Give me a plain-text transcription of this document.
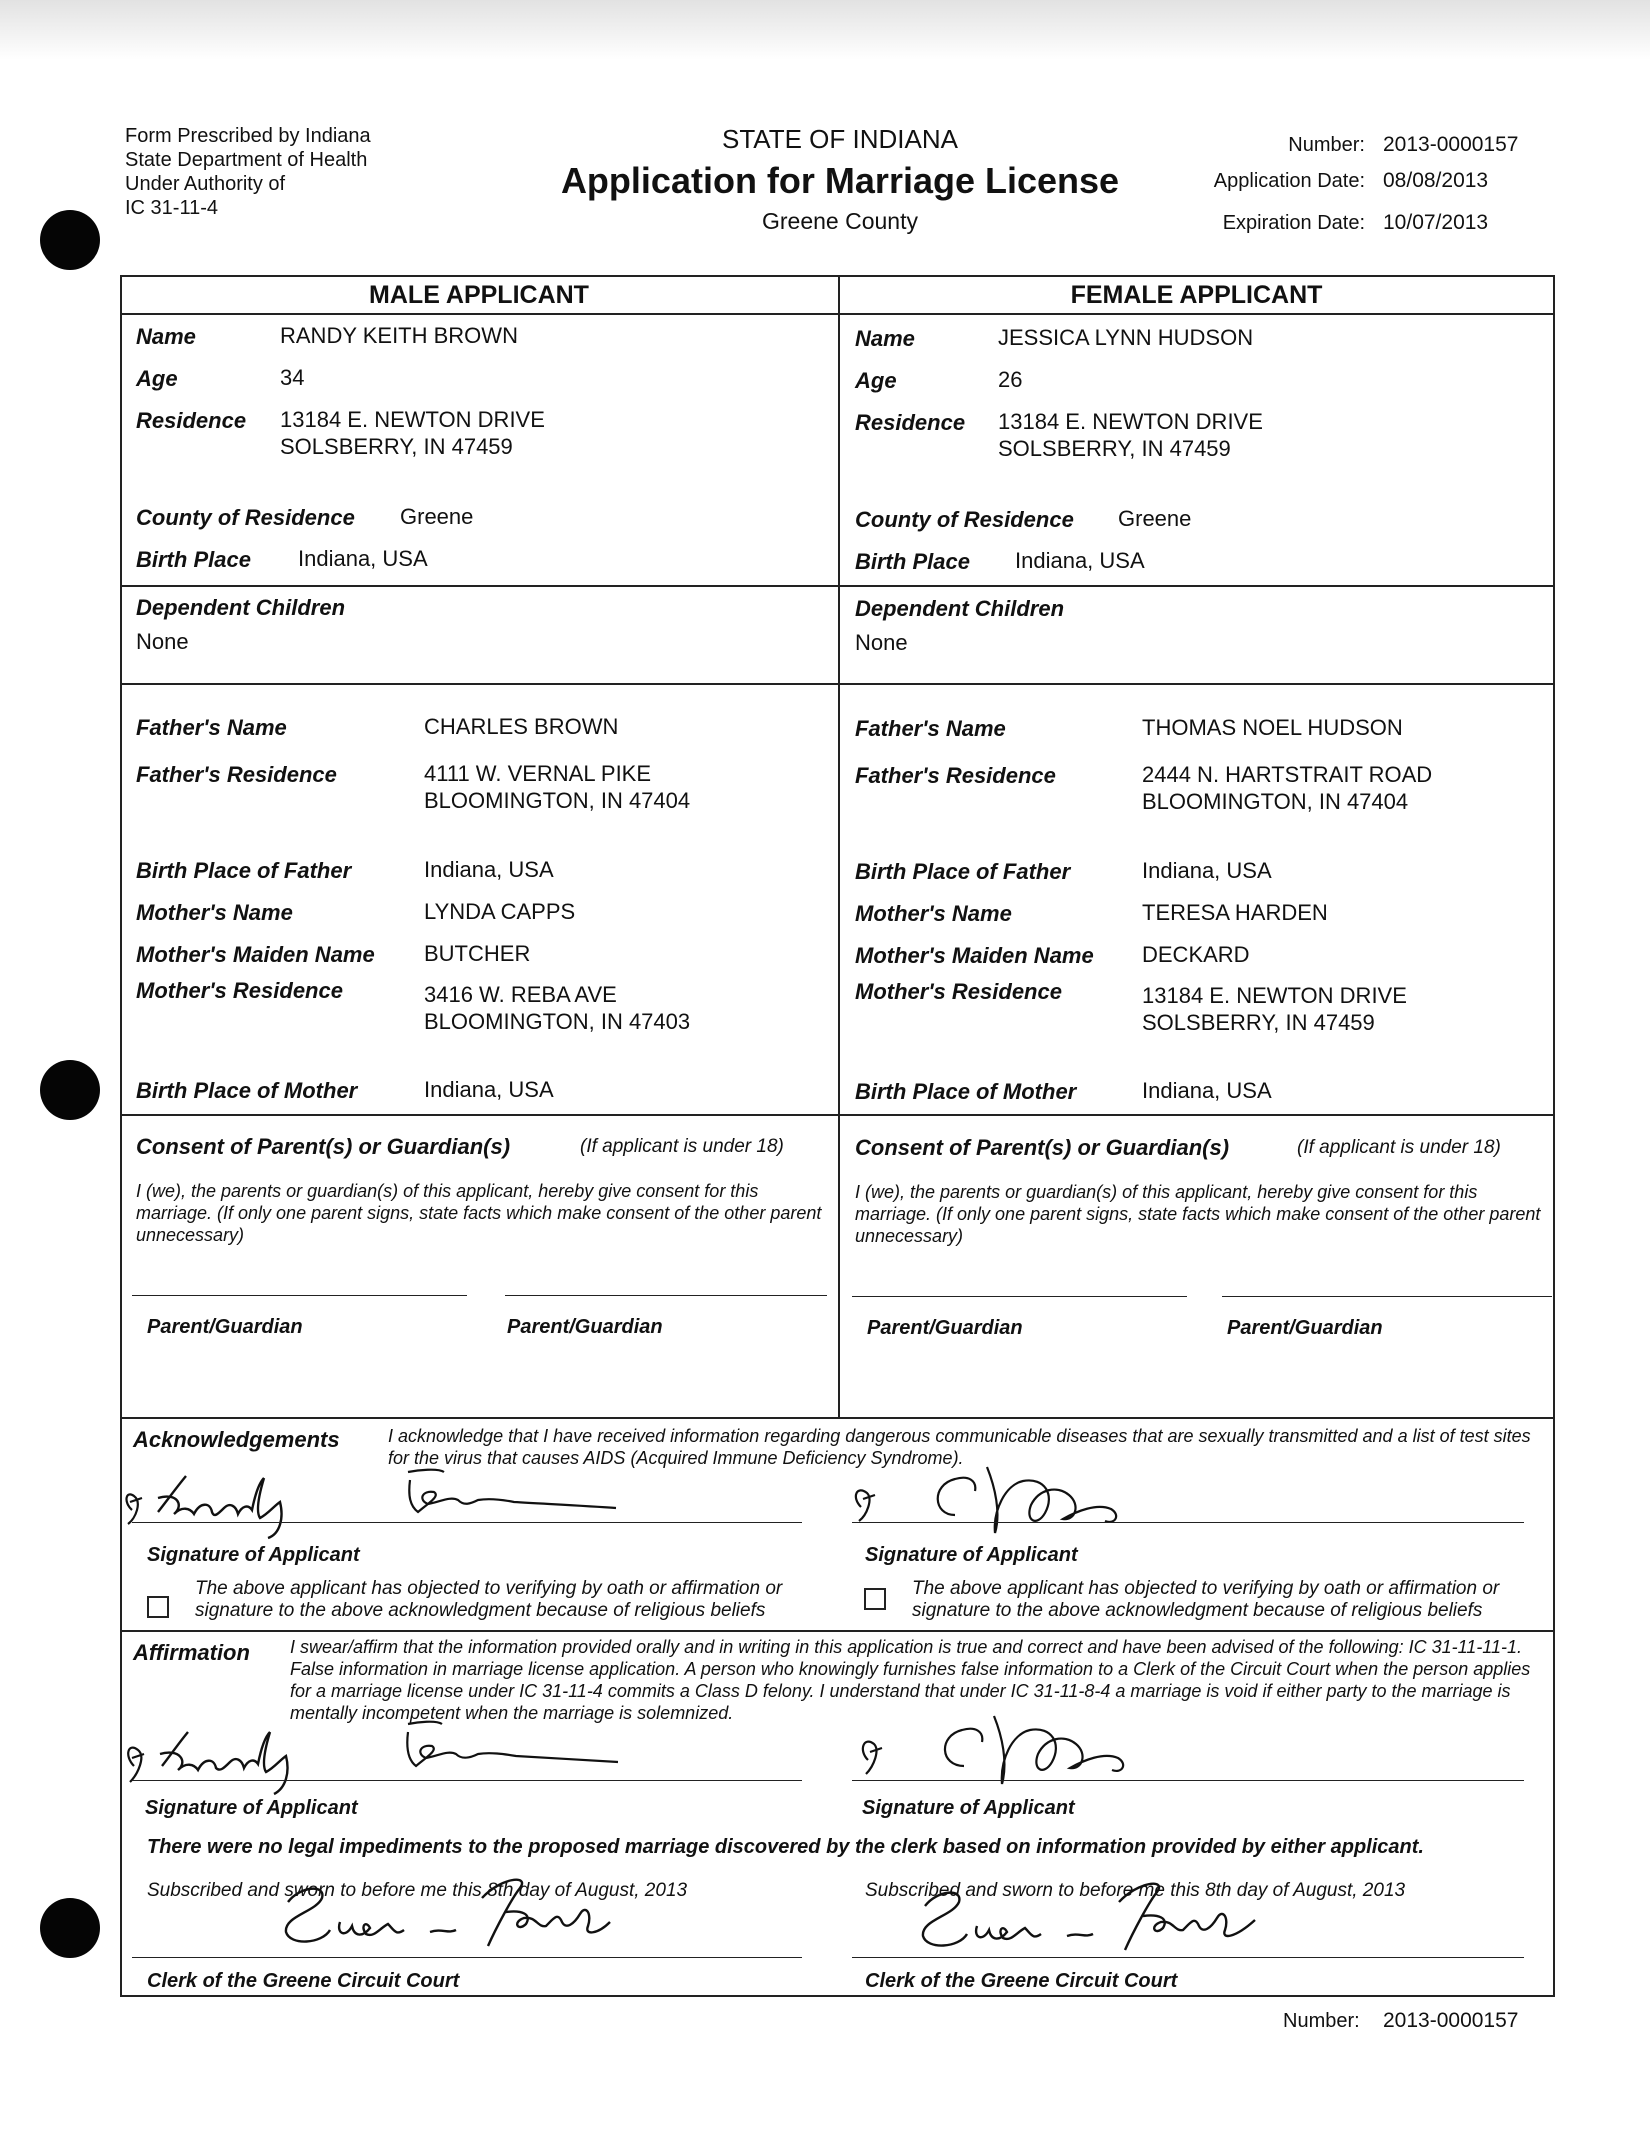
Form Prescribed by Indiana
State Department of Health
Under Authority of
IC 31-11-4
STATE OF INDIANA
Application for Marriage License
Greene County
Number: 2013-0000157
Application Date: 08/08/2013
Expiration Date: 10/07/2013
MALE APPLICANT	FEMALE APPLICANT
Name	RANDY KEITH BROWN
Age	34
Residence 13184 E. NEWTON DRIVE
SOLSBERRY, IN 47459
County of Residence Greene
Birth Place Indiana, USA
Dependent Children
None
Father's Name	CHARLES BROWN
Father's Residence	4111 W. VERNAL PIKE
BLOOMINGTON, IN 47404
Birth Place of Father	Indiana, USA
Mother's Name	LYNDA CAPPS
Mother's Maiden Name BUTCHER
Mother's Residence	3416 W. REBA AVE
BLOOMINGTON, IN 47403
Birth Place of Mother	Indiana, USA
Name	JESSICA LYNN HUDSON
Age	26
Residence 13184 E. NEWTON DRIVE
SOLSBERRY, IN 47459
County of Residence Greene
Birth Place Indiana, USA
Dependent Children
None
Father's Name	THOMAS NOEL HUDSON
Father's Residence	2444 N. HARTSTRAIT ROAD
BLOOMINGTON, IN 47404
Birth Place of Father	Indiana, USA
Mother's Name	TERESA HARDEN
Mother's Maiden Name DECKARD
Mother's Residence	13184 E. NEWTON DRIVE
SOLSBERRY, IN 47459
Birth Place of Mother	Indiana, USA
Consent of Parent(s) or Guardian(s)	(If applicant is under 18)
I (we), the parents or guardian(s) of this applicant, hereby give consent for this marriage. (If only one parent signs, state facts which make consent of the other parent unnecessary)
Parent/Guardian	Parent/Guardian
Consent of Parent(s) or Guardian(s)	(If applicant is under 18)
I (we), the parents or guardian(s) of this applicant, hereby give consent for this marriage. (If only one parent signs, state facts which make consent of the other parent unnecessary)
Parent/Guardian	Parent/Guardian
Acknowledgements	I acknowledge that I have received information regarding dangerous communicable diseases that are sexually transmitted and a list of test sites for the virus that causes AIDS (Acquired Immune Deficiency Syndrome).
Signature of Applicant
The above applicant has objected to verifying by oath or affirmation or signature to the above acknowledgment because of religious beliefs
Signature of Applicant
The above applicant has objected to verifying by oath or affirmation or signature to the above acknowledgment because of religious beliefs
Affirmation I swear/affirm that the information provided orally and in writing in this application is true and correct and have been advised of the following: IC 31-11-11-1. False information in marriage license application. A person who knowingly furnishes false information to a Clerk of the Circuit Court when the person applies for a marriage license under IC 31-11-4 commits a Class D felony. I understand that under IC 31-11-8-4 a marriage is void if either party to the marriage is mentally incompetent when the marriage is solemnized.
Signature of Applicant	Signature of Applicant
There were no legal impediments to the proposed marriage discovered by the clerk based on information provided by either applicant.
Subscribed and sworn to before me this 8th day of August, 2013
Clerk of the Greene Circuit Court
Subscribed and sworn to before me this 8th day of August, 2013
Clerk of the Greene Circuit Court
Number: 2013-0000157
